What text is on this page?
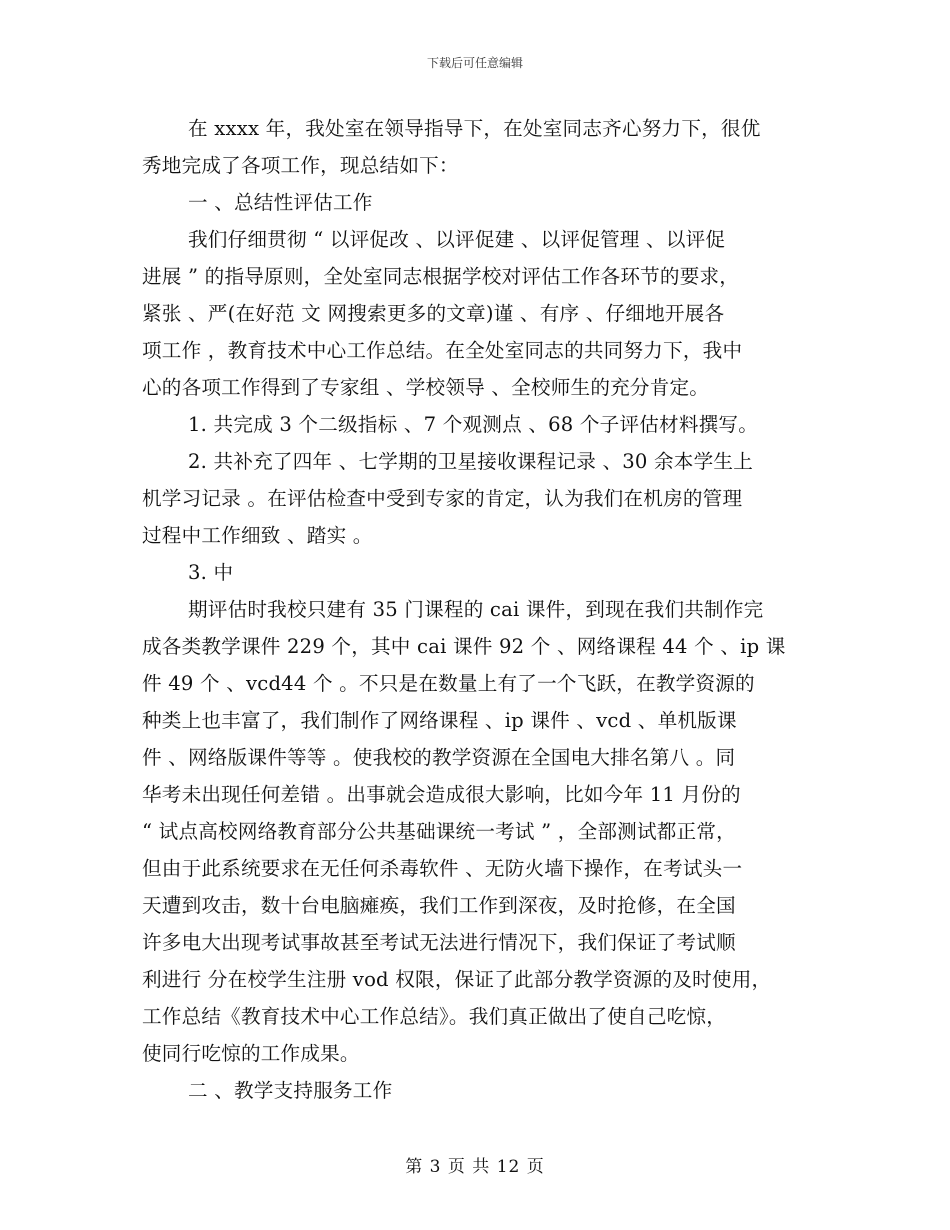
下载后可任意编辑
在 xxxx 年，我处室在领导指导下，在处室同志齐心努力下，很优
秀地完成了各项工作，现总结如下：
一 、总结性评估工作
我们仔细贯彻 “ 以评促改 、以评促建 、以评促管理 、以评促
进展 ” 的指导原则，全处室同志根据学校对评估工作各环节的要求，
紧张 、严(在好范 文 网搜索更多的文章)谨 、有序 、仔细地开展各
项工作 ，教育技术中心工作总结。在全处室同志的共同努力下，我中
心的各项工作得到了专家组 、学校领导 、全校师生的充分肯定。
1. 共完成 3 个二级指标 、7 个观测点 、68 个子评估材料撰写。
2. 共补充了四年 、七学期的卫星接收课程记录 、30 余本学生上
机学习记录 。在评估检查中受到专家的肯定，认为我们在机房的管理
过程中工作细致 、踏实 。
3. 中
期评估时我校只建有 35 门课程的 cai 课件，到现在我们共制作完
成各类教学课件 229 个，其中 cai 课件 92 个 、网络课程 44 个 、ip 课
件 49 个 、vcd44 个 。不只是在数量上有了一个飞跃，在教学资源的
种类上也丰富了，我们制作了网络课程 、ip 课件 、vcd 、单机版课
件 、网络版课件等等 。使我校的教学资源在全国电大排名第八 。同
华考未出现任何差错 。出事就会造成很大影响，比如今年 11 月份的
“ 试点高校网络教育部分公共基础课统一考试 ” ，全部测试都正常，
但由于此系统要求在无任何杀毒软件 、无防火墙下操作，在考试头一
天遭到攻击，数十台电脑瘫痪，我们工作到深夜，及时抢修，在全国
许多电大出现考试事故甚至考试无法进行情况下，我们保证了考试顺
利进行 分在校学生注册 vod 权限，保证了此部分教学资源的及时使用，
工作总结《教育技术中心工作总结》。我们真正做出了使自己吃惊，
使同行吃惊的工作成果。
二 、教学支持服务工作
第 3 页 共 12 页
